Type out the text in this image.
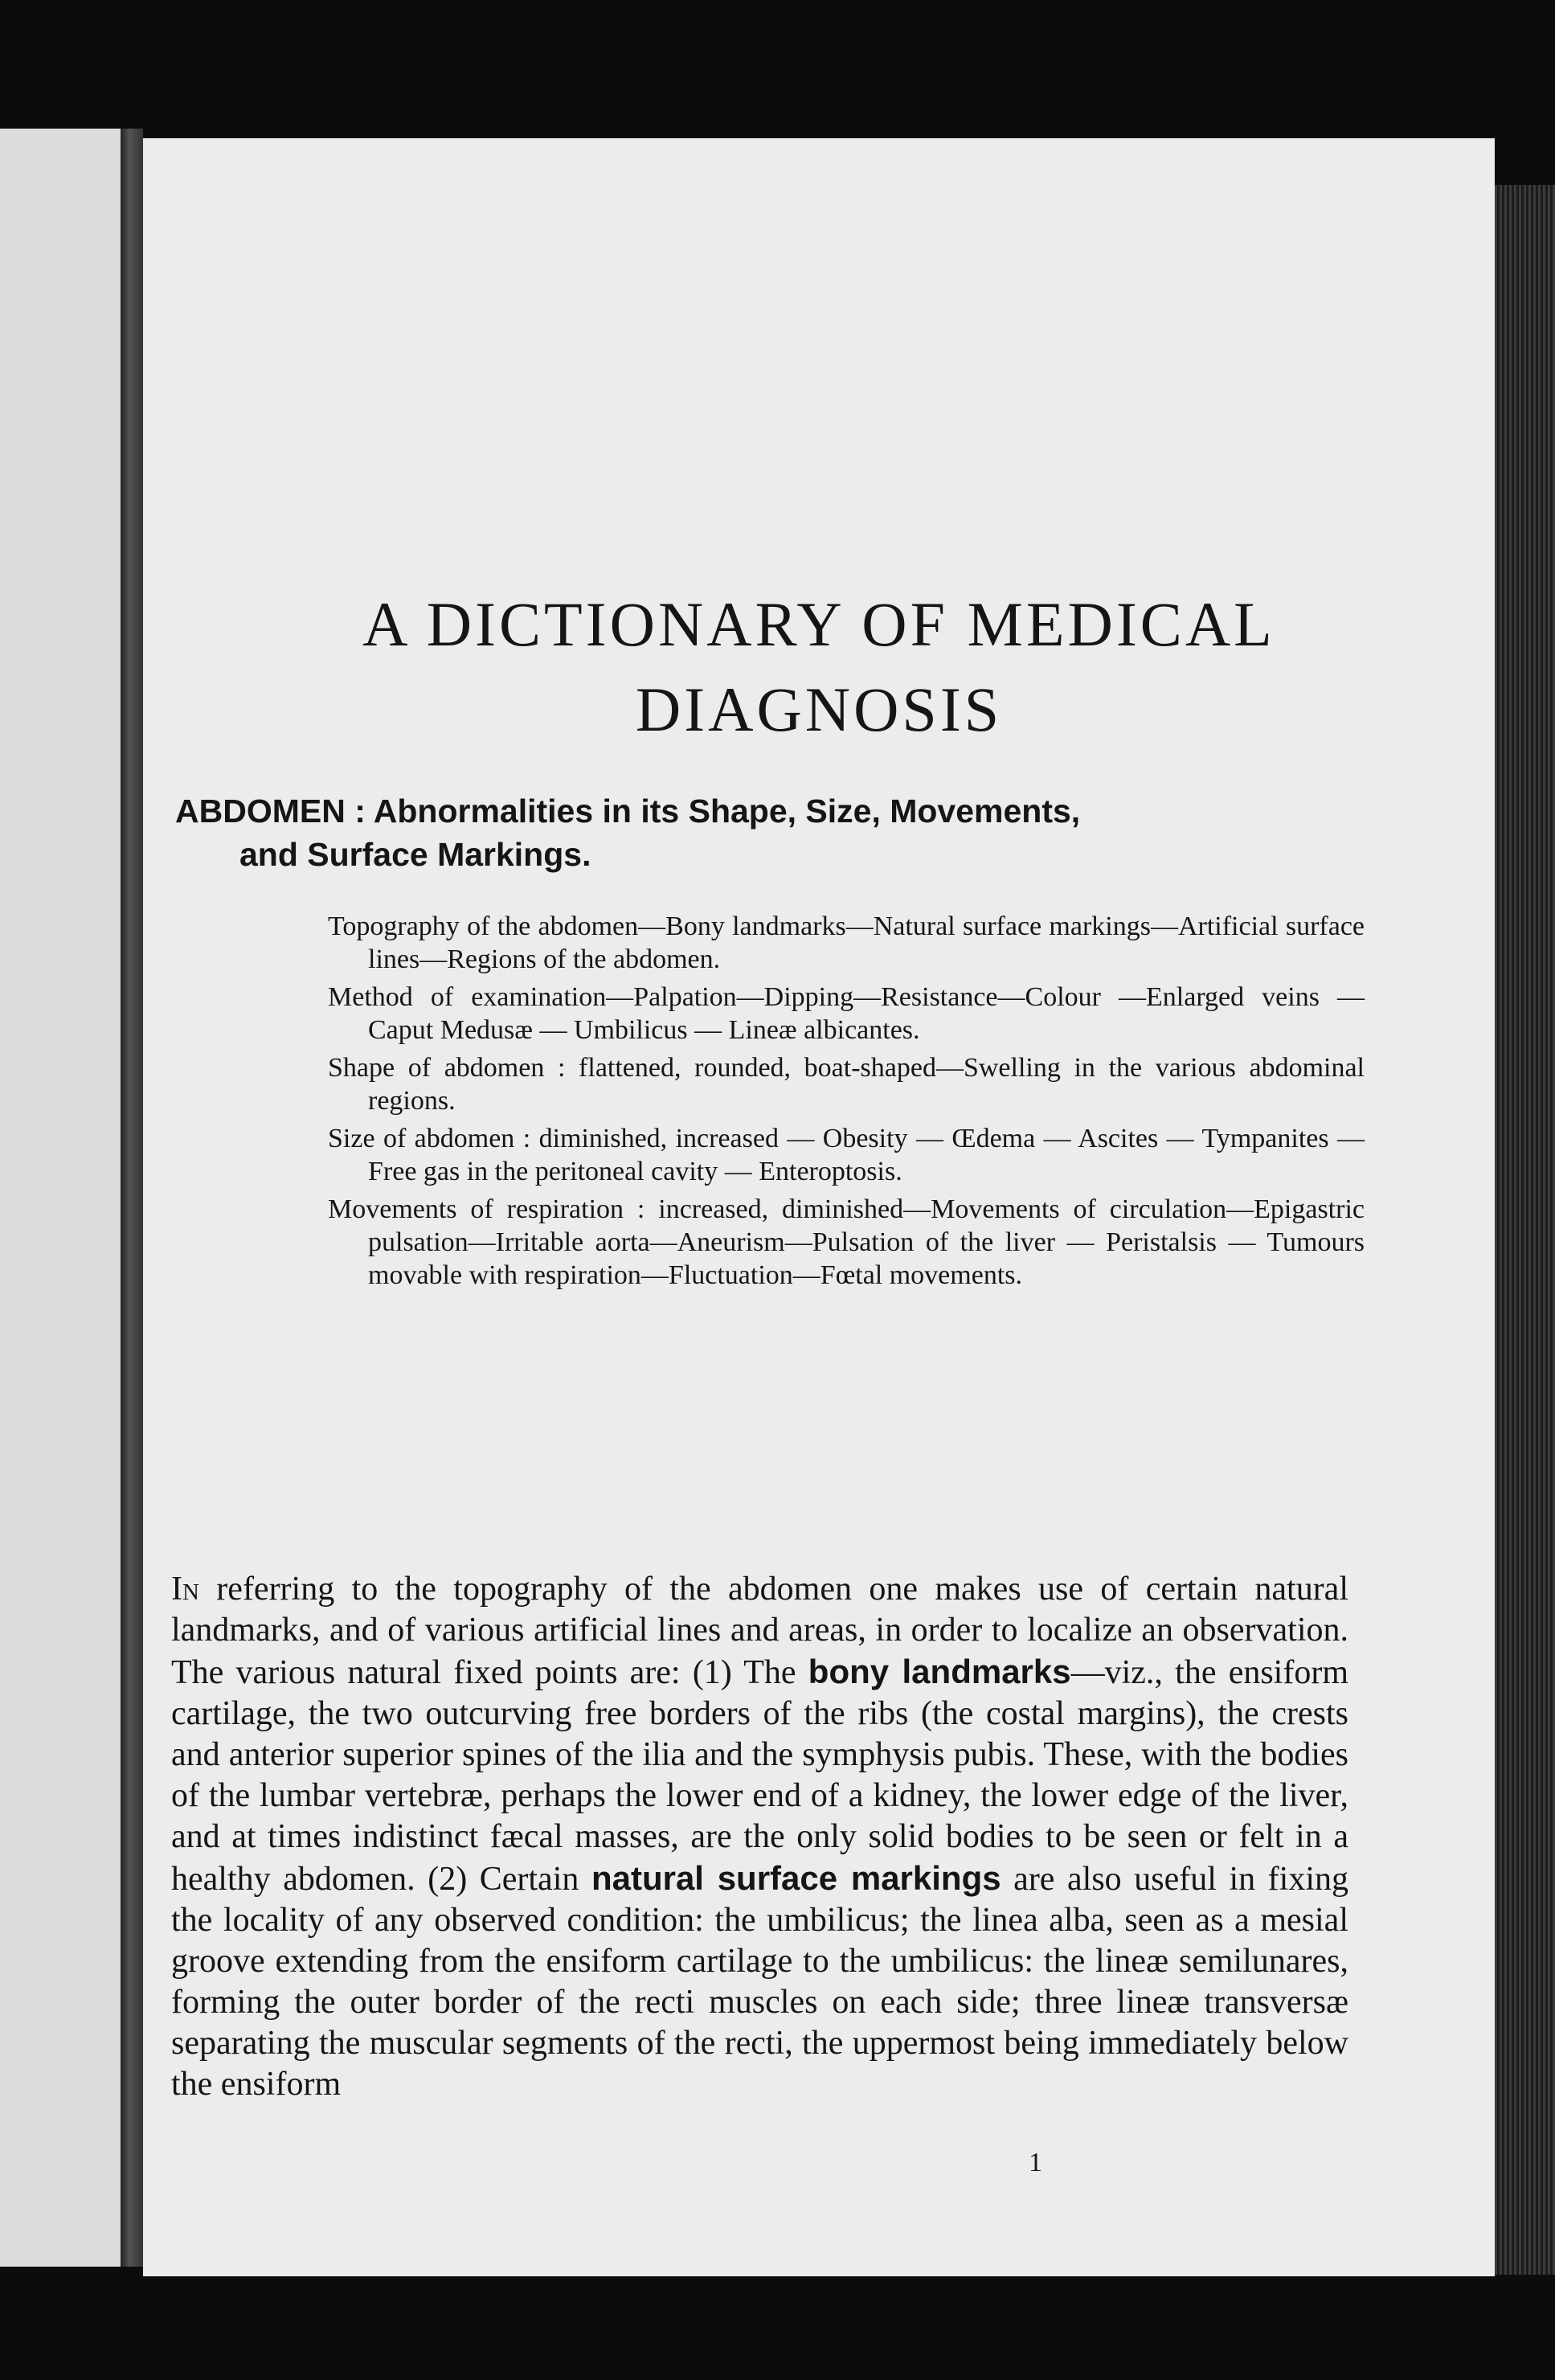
A DICTIONARY OF MEDICAL
DIAGNOSIS
ABDOMEN : Abnormalities in its Shape, Size, Movements,
and Surface Markings.

Topography of the abdomen—Bony landmarks—Natural surface markings—Artificial surface lines—Regions of the abdomen.

Method of examination—Palpation—Dipping—Resistance—Colour —Enlarged veins — Caput Medusæ — Umbilicus — Lineæ albicantes.

Shape of abdomen : flattened, rounded, boat-shaped—Swelling in the various abdominal regions.

Size of abdomen : diminished, increased — Obesity — Œdema — Ascites — Tympanites — Free gas in the peritoneal cavity — Enteroptosis.

Movements of respiration : increased, diminished—Movements of circulation—Epigastric pulsation—Irritable aorta—Aneurism—Pulsation of the liver — Peristalsis — Tumours movable with respiration—Fluctuation—Fœtal movements.

In referring to the topography of the abdomen one makes use of certain natural landmarks, and of various artificial lines and areas, in order to localize an observation. The various natural fixed points are: (1) The bony landmarks—viz., the ensiform cartilage, the two outcurving free borders of the ribs (the costal margins), the crests and anterior superior spines of the ilia and the symphysis pubis. These, with the bodies of the lumbar vertebræ, perhaps the lower end of a kidney, the lower edge of the liver, and at times indistinct fæcal masses, are the only solid bodies to be seen or felt in a healthy abdomen. (2) Certain natural surface markings are also useful in fixing the locality of any observed condition: the umbilicus; the linea alba, seen as a mesial groove extending from the ensiform cartilage to the umbilicus: the lineæ semilunares, forming the outer border of the recti muscles on each side; three lineæ transversæ separating the muscular segments of the recti, the uppermost being immediately below the ensiform

1
